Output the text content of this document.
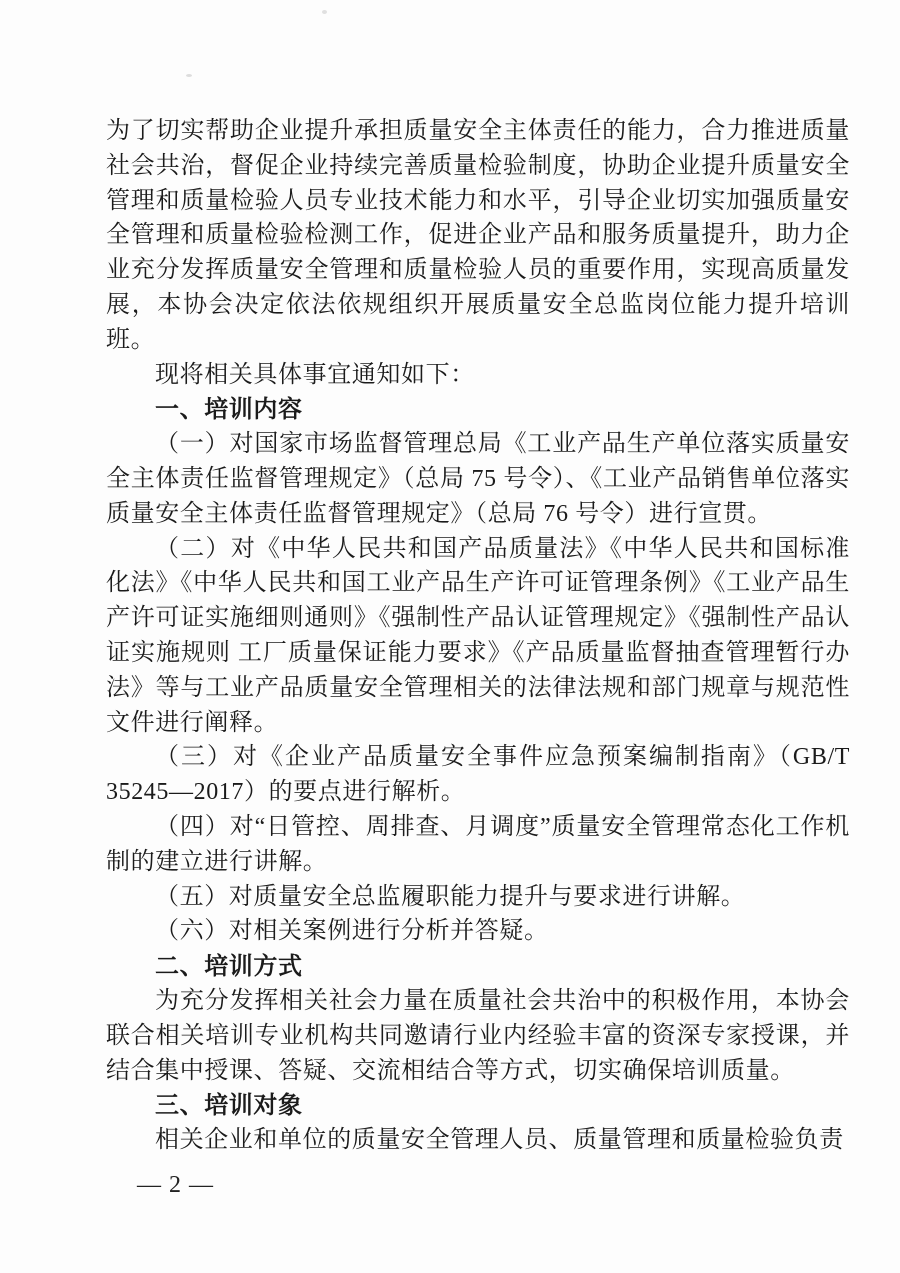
为了切实帮助企业提升承担质量安全主体责任的能力，合力推进质量社会共治，督促企业持续完善质量检验制度，协助企业提升质量安全管理和质量检验人员专业技术能力和水平，引导企业切实加强质量安全管理和质量检验检测工作，促进企业产品和服务质量提升，助力企业充分发挥质量安全管理和质量检验人员的重要作用，实现高质量发展，本协会决定依法依规组织开展质量安全总监岗位能力提升培训班。

现将相关具体事宜通知如下：

一、培训内容

（一）对国家市场监督管理总局《工业产品生产单位落实质量安全主体责任监督管理规定》（总局 75 号令）、《工业产品销售单位落实质量安全主体责任监督管理规定》（总局 76 号令）进行宣贯。

（二）对《中华人民共和国产品质量法》《中华人民共和国标准化法》《中华人民共和国工业产品生产许可证管理条例》《工业产品生产许可证实施细则通则》《强制性产品认证管理规定》《强制性产品认证实施规则 工厂质量保证能力要求》《产品质量监督抽查管理暂行办法》等与工业产品质量安全管理相关的法律法规和部门规章与规范性文件进行阐释。

（三）对《企业产品质量安全事件应急预案编制指南》（GB/T 35245—2017）的要点进行解析。

（四）对“日管控、周排查、月调度”质量安全管理常态化工作机制的建立进行讲解。

（五）对质量安全总监履职能力提升与要求进行讲解。

（六）对相关案例进行分析并答疑。

二、培训方式

为充分发挥相关社会力量在质量社会共治中的积极作用，本协会联合相关培训专业机构共同邀请行业内经验丰富的资深专家授课，并结合集中授课、答疑、交流相结合等方式，切实确保培训质量。

三、培训对象

相关企业和单位的质量安全管理人员、质量管理和质量检验负责

— 2 —
